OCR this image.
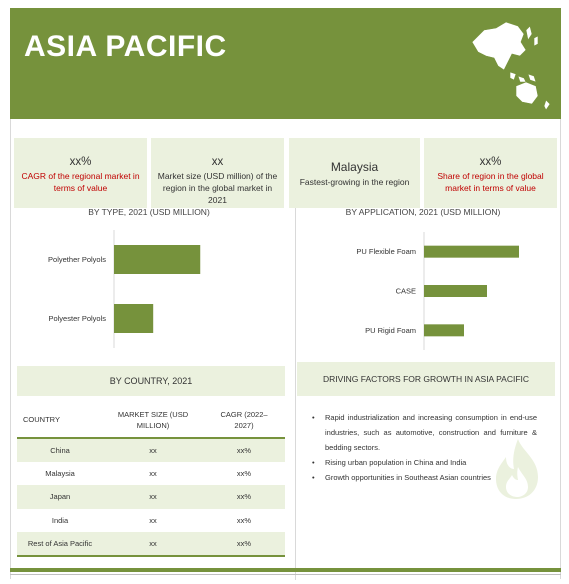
ASIA PACIFIC
xx%
CAGR of the regional market in terms of value
xx
Market size (USD million) of the region in the global market in 2021
Malaysia
Fastest-growing in the region
xx%
Share of region in the global market in terms of value
BY TYPE, 2021 (USD MILLION)	BY APPLICATION, 2021 (USD MILLION)
Polyether Polyols
Polyester Polyols
PU Flexible Foam
CASE
PU Rigid Foam
BY COUNTRY, 2021
COUNTRY	MARKET SIZE (USD MILLION)	CAGR (2022–2027)
China	xx	xx%
Malaysia	xx	xx%
Japan	xx	xx%
India	xx	xx%
Rest of Asia Pacific	xx	xx%
DRIVING FACTORS FOR GROWTH IN ASIA PACIFIC
• Rapid industrialization and increasing consumption in end-use industries, such as automotive, construction and furniture & bedding sectors.
• Rising urban population in China and India
• Growth opportunities in Southeast Asian countries
